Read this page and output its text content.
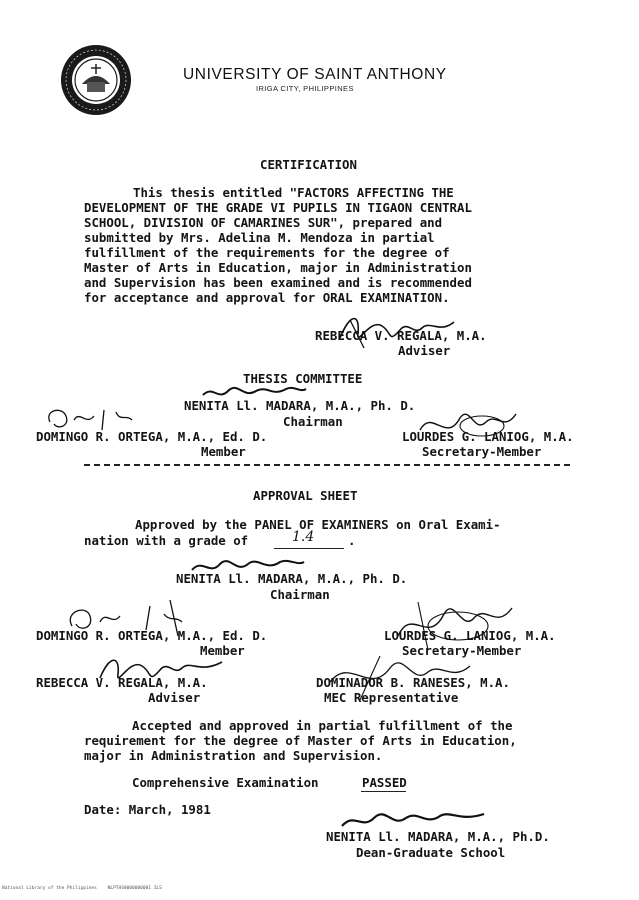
UNIVERSITY OF SAINT ANTHONY
IRIGA CITY, PHILIPPINES
CERTIFICATION
This thesis entitled "FACTORS AFFECTING THE
DEVELOPMENT OF THE GRADE VI PUPILS IN TIGAON CENTRAL
SCHOOL, DIVISION OF CAMARINES SUR", prepared and
submitted by Mrs. Adelina M. Mendoza in partial
fulfillment of the requirements for the degree of
Master of Arts in Education, major in Administration
and Supervision has been examined and is recommended
for acceptance and approval for ORAL EXAMINATION.
REBECCA V. REGALA, M.A.
Adviser
THESIS COMMITTEE
NENITA Ll. MADARA, M.A., Ph. D.
Chairman
DOMINGO R. ORTEGA, M.A., Ed. D.
Member
LOURDES G. LANIOG, M.A.
Secretary-Member
APPROVAL SHEET
Approved by the PANEL OF EXAMINERS on Oral Exami-
nation with a grade of	1.4	.
NENITA Ll. MADARA, M.A., Ph. D.
Chairman
DOMINGO R. ORTEGA, M.A., Ed. D.
Member
LOURDES G. LANIOG, M.A.
Secretary-Member
REBECCA V. REGALA, M.A.
Adviser
DOMINADOR B. RANESES, M.A.
MEC Representative
Accepted and approved in partial fulfillment of the
requirement for the degree of Master of Arts in Education,
major in Administration and Supervision.
Comprehensive Examination	PASSED
Date: March, 1981
NENITA Ll. MADARA, M.A., Ph.D.
Dean-Graduate School
National Library of the Philippines    NLPTHS0000000001 ILS
